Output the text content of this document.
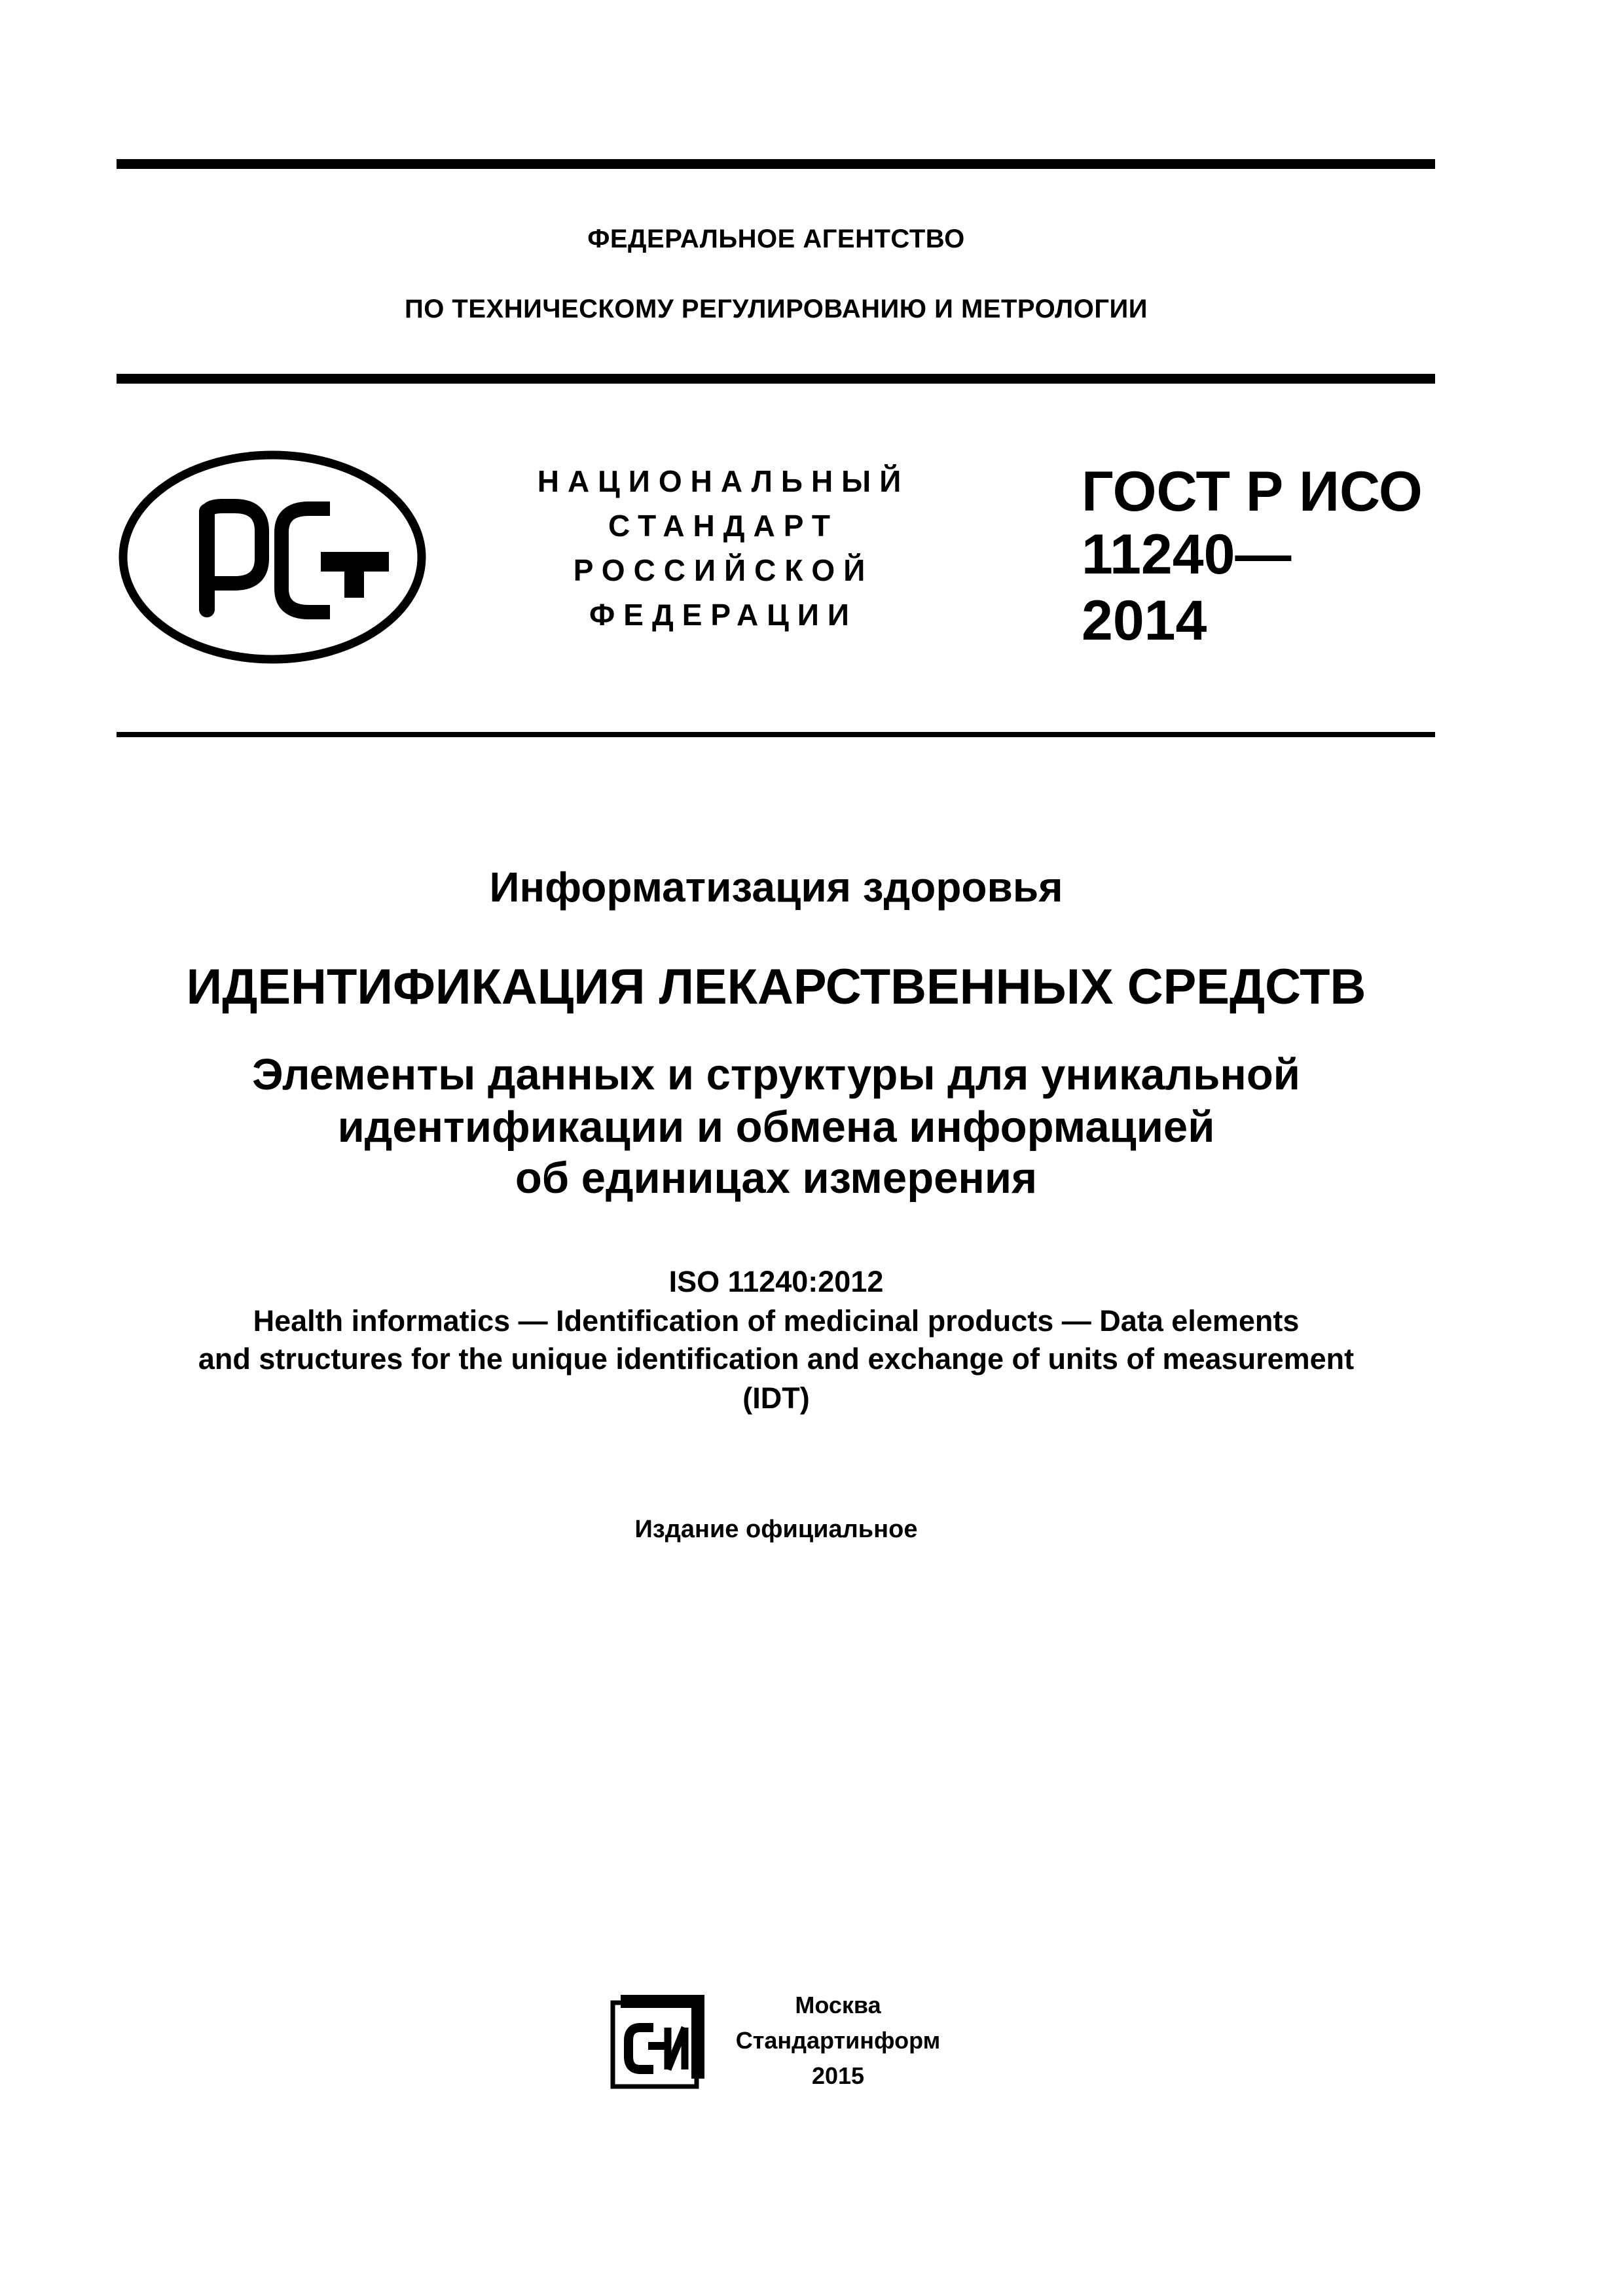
ФЕДЕРАЛЬНОЕ АГЕНТСТВО
ПО ТЕХНИЧЕСКОМУ РЕГУЛИРОВАНИЮ И МЕТРОЛОГИИ
НАЦИОНАЛЬНЫЙ
СТАНДАРТ
РОССИЙСКОЙ
ФЕДЕРАЦИИ
ГОСТ Р ИСО
11240—
2014
Информатизация здоровья
ИДЕНТИФИКАЦИЯ ЛЕКАРСТВЕННЫХ СРЕДСТВ
Элементы данных и структуры для уникальной
идентификации и обмена информацией
об единицах измерения
ISO 11240:2012
Health informatics — Identification of medicinal products — Data elements
and structures for the unique identification and exchange of units of measurement
(IDT)
Издание официальное
Москва
Стандартинформ
2015
